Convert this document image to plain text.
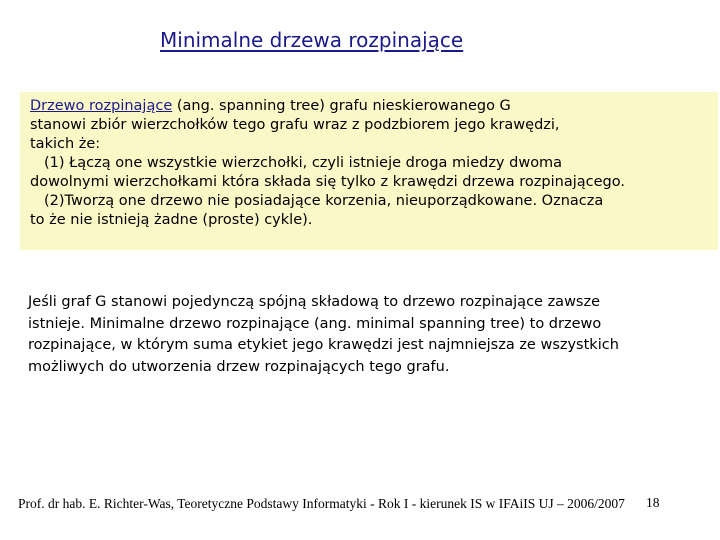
Minimalne drzewa rozpinające
Drzewo rozpinające (ang. spanning tree) grafu nieskierowanego G
stanowi zbiór wierzchołków tego grafu wraz z podzbiorem jego krawędzi,
takich że:
(1) Łączą one wszystkie wierzchołki, czyli istnieje droga miedzy dwoma
dowolnymi wierzchołkami która składa się tylko z krawędzi drzewa rozpinającego.
(2)Tworzą one drzewo nie posiadające korzenia, nieuporządkowane. Oznacza
to że nie istnieją żadne (proste) cykle).
Jeśli graf G stanowi pojedynczą spójną składową to drzewo rozpinające zawsze
istnieje. Minimalne drzewo rozpinające (ang. minimal spanning tree) to drzewo
rozpinające, w którym suma etykiet jego krawędzi jest najmniejsza ze wszystkich
możliwych do utworzenia drzew rozpinających tego grafu.
Prof. dr hab. E. Richter-Was, Teoretyczne Podstawy Informatyki - Rok I - kierunek IS w IFAiIS UJ – 2006/2007 18
